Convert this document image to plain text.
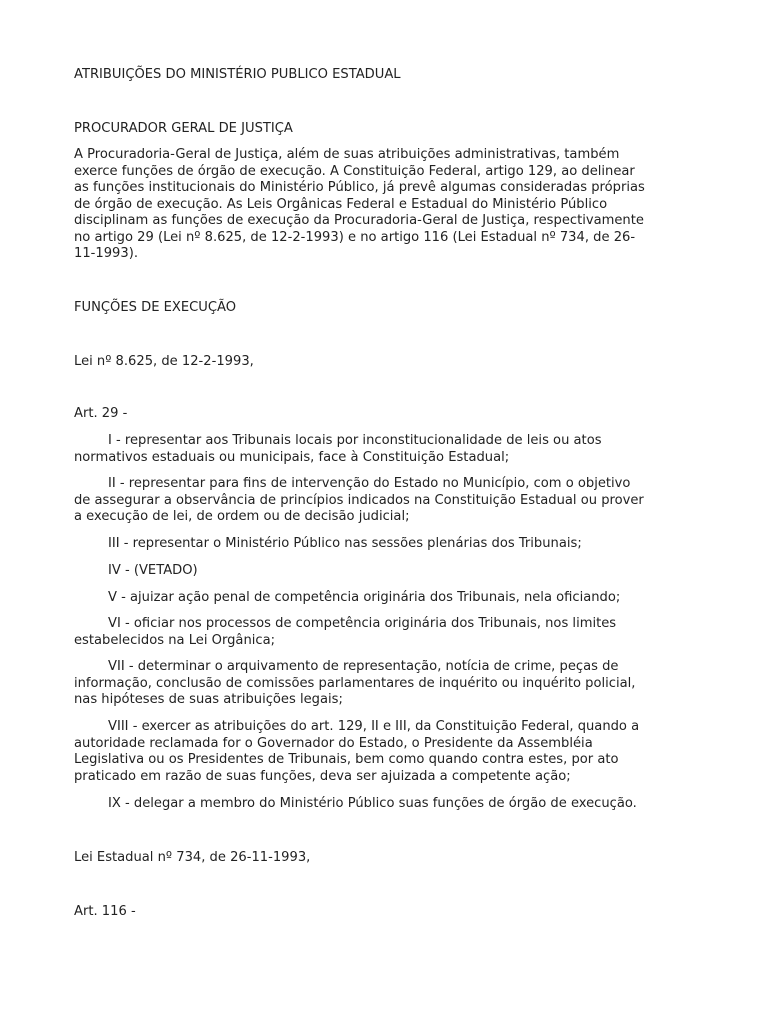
ATRIBUIÇÕES DO MINISTÉRIO PUBLICO ESTADUAL
PROCURADOR GERAL DE JUSTIÇA
A Procuradoria-Geral de Justiça, além de suas atribuições administrativas, também
exerce funções de órgão de execução. A Constituição Federal, artigo 129, ao delinear
as funções institucionais do Ministério Público, já prevê algumas consideradas próprias
de órgão de execução. As Leis Orgânicas Federal e Estadual do Ministério Público
disciplinam as funções de execução da Procuradoria-Geral de Justiça, respectivamente
no artigo 29 (Lei nº 8.625, de 12-2-1993) e no artigo 116 (Lei Estadual nº 734, de 26-
11-1993).
FUNÇÕES DE EXECUÇÃO
Lei nº 8.625, de 12-2-1993,
Art. 29 -
I - representar aos Tribunais locais por inconstitucionalidade de leis ou atos
normativos estaduais ou municipais, face à Constituição Estadual;
II - representar para fins de intervenção do Estado no Município, com o objetivo
de assegurar a observância de princípios indicados na Constituição Estadual ou prover
a execução de lei, de ordem ou de decisão judicial;
III - representar o Ministério Público nas sessões plenárias dos Tribunais;
IV - (VETADO)
V - ajuizar ação penal de competência originária dos Tribunais, nela oficiando;
VI - oficiar nos processos de competência originária dos Tribunais, nos limites
estabelecidos na Lei Orgânica;
VII - determinar o arquivamento de representação, notícia de crime, peças de
informação, conclusão de comissões parlamentares de inquérito ou inquérito policial,
nas hipóteses de suas atribuições legais;
VIII - exercer as atribuições do art. 129, II e III, da Constituição Federal, quando a
autoridade reclamada for o Governador do Estado, o Presidente da Assembléia
Legislativa ou os Presidentes de Tribunais, bem como quando contra estes, por ato
praticado em razão de suas funções, deva ser ajuizada a competente ação;
IX - delegar a membro do Ministério Público suas funções de órgão de execução.
Lei Estadual nº 734, de 26-11-1993,
Art. 116 -
